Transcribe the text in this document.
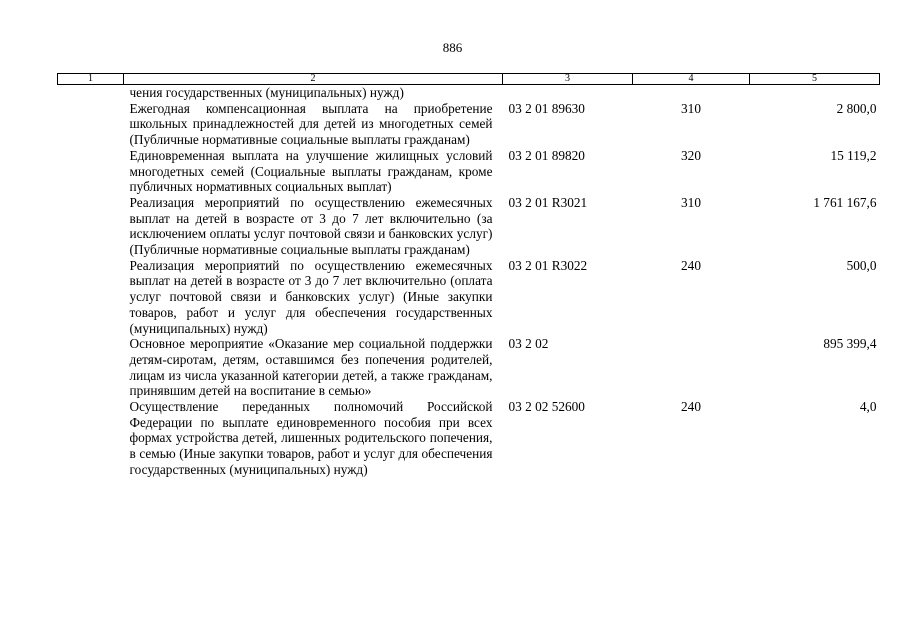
886
1	2	3	4	5
	чения государственных (муниципальных) нужд)			
	Ежегодная компенсационная выплата на приобретение школьных принадлежностей для детей из многодетных семей (Публичные нормативные социальные выплаты гражданам)	03 2 01 89630	310	2 800,0
	Единовременная выплата на улучшение жилищных условий многодетных семей (Социальные выплаты гражданам, кроме публичных нормативных социальных выплат)	03 2 01 89820	320	15 119,2
	Реализация мероприятий по осуществлению ежемесячных выплат на детей в возрасте от 3 до 7 лет включительно (за исключением оплаты услуг почтовой связи и банковских услуг) (Публичные нормативные социальные выплаты гражданам)	03 2 01 R3021	310	1 761 167,6
	Реализация мероприятий по осуществлению ежемесячных выплат на детей в возрасте от 3 до 7 лет включительно (оплата услуг почтовой связи и банковских услуг) (Иные закупки товаров, работ и услуг для обеспечения государственных (муниципальных) нужд)	03 2 01 R3022	240	500,0
	Основное мероприятие «Оказание мер социальной поддержки детям-сиротам, детям, оставшимся без попечения родителей, лицам из числа указанной категории детей, а также гражданам, принявшим детей на воспитание в семью»	03 2 02		895 399,4
	Осуществление переданных полномочий Российской Федерации по выплате единовременного пособия при всех формах устройства детей, лишенных родительского попечения, в семью (Иные закупки товаров, работ и услуг для обеспечения государственных (муниципальных) нужд)	03 2 02 52600	240	4,0
